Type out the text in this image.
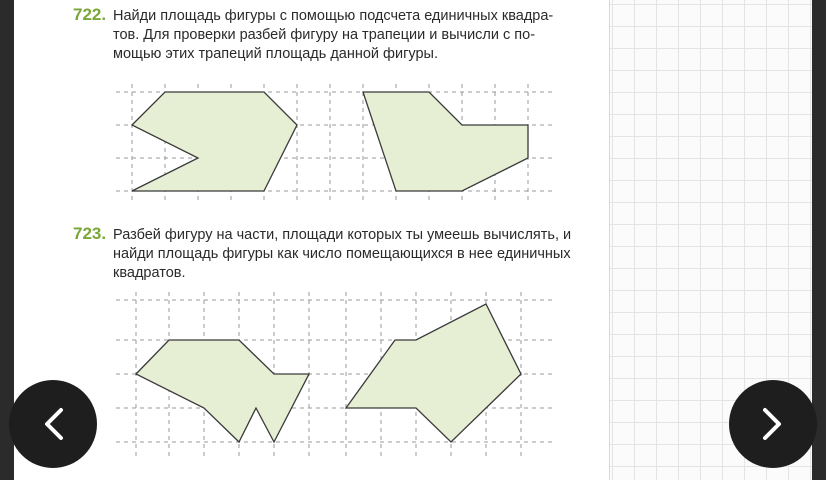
722. Найди площадь фигуры с помощью подсчета единичных квадра-
тов. Для проверки разбей фигуру на трапеции и вычисли с по-
мощью этих трапеций площадь данной фигуры.
723. Разбей фигуру на части, площади которых ты умеешь вычислять, и
найди площадь фигуры как число помещающихся в нее единичных
квадратов.
